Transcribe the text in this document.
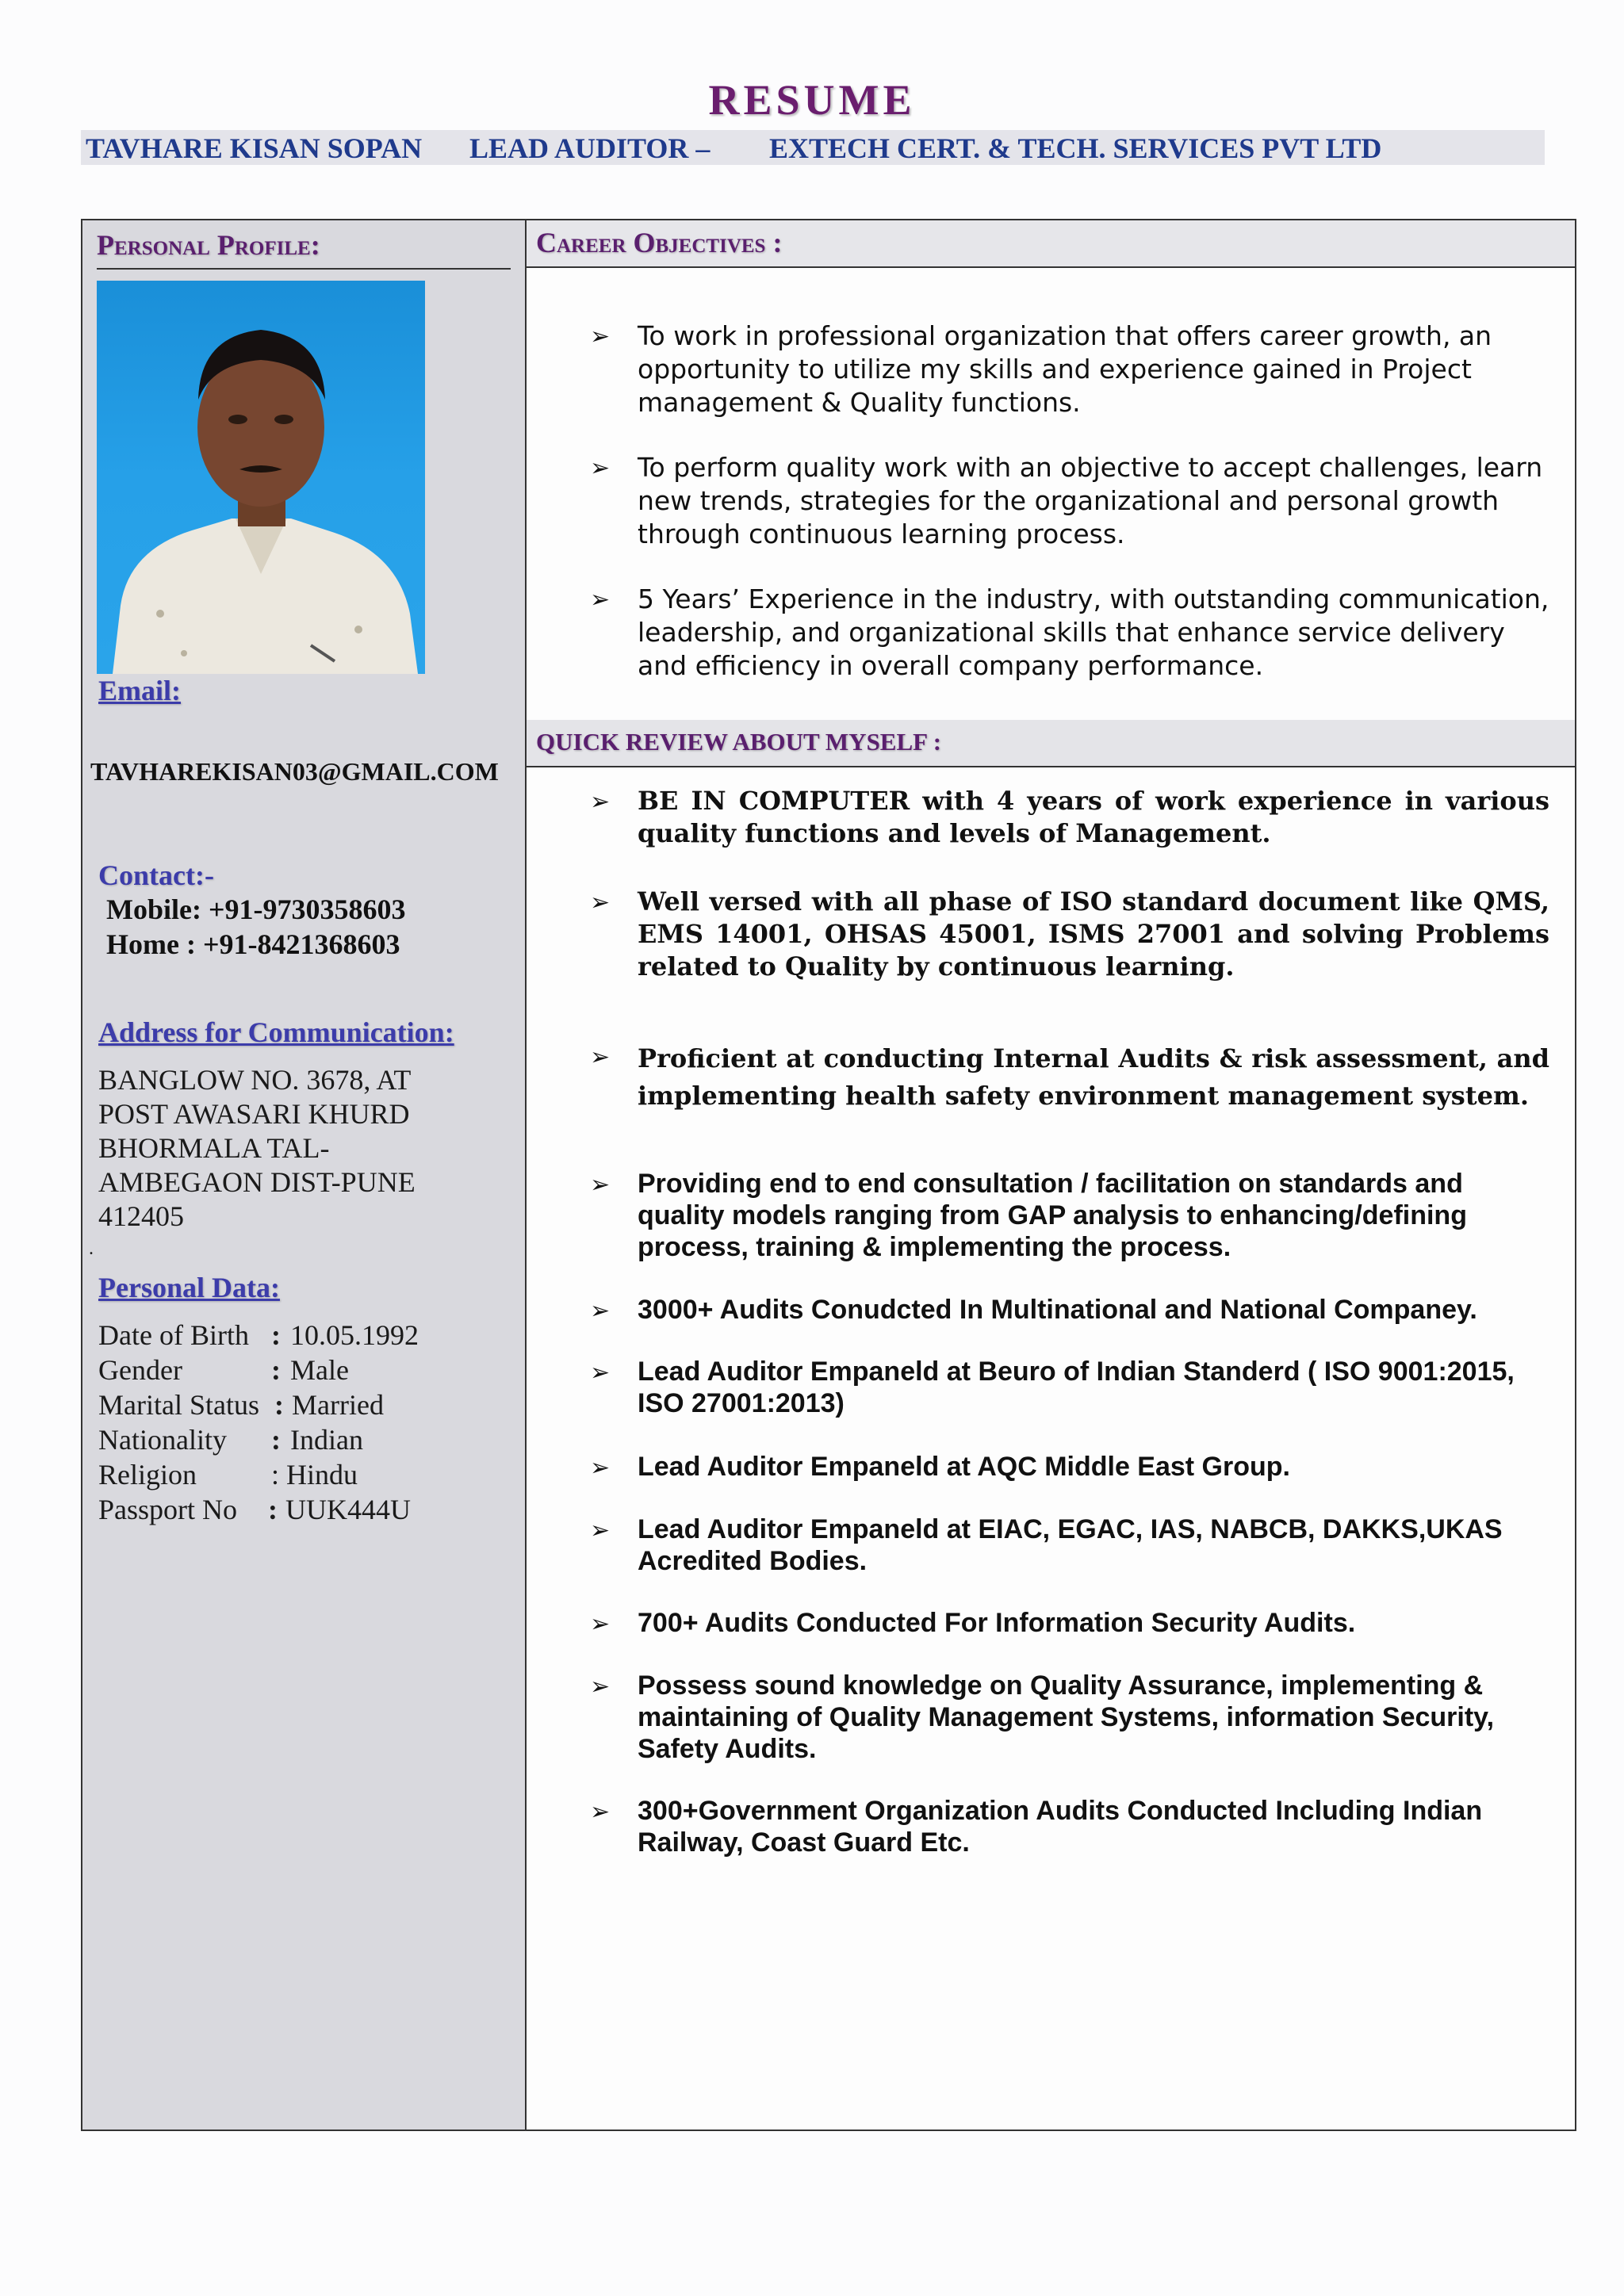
RESUME
TAVHARE KISAN SOPAN LEAD AUDITOR – EXTECH CERT. & TECH. SERVICES PVT LTD
Personal Profile:
Email:
TAVHAREKISAN03@GMAIL.COM
Contact:-
Mobile: +91-9730358603
Home : +91-8421368603
Address for Communication:
BANGLOW NO. 3678, AT
POST AWASARI KHURD
BHORMALA TAL-
AMBEGAON DIST-PUNE
412405
.
Personal Data:
Date of Birth : 10.05.1992
Gender	: Male
Marital Status : Married
Nationality : Indian
Religion	: Hindu
Passport No : UUK444U
Career Objectives :
➢	To work in professional organization that offers career growth, an opportunity to utilize my skills and experience gained in Project management & Quality functions.
➢	To perform quality work with an objective to accept challenges, learn new trends, strategies for the organizational and personal growth through continuous learning process.
➢	5 Years’ Experience in the industry, with outstanding communication, leadership, and organizational skills that enhance service delivery and efficiency in overall company performance.
QUICK REVIEW ABOUT MYSELF :
➢	BE IN COMPUTER with 4 years of work experience in various quality functions and levels of Management.
➢	Well versed with all phase of ISO standard document like QMS, EMS 14001, OHSAS 45001, ISMS 27001 and solving Problems related to Quality by continuous learning.
➢	Proficient at conducting Internal Audits & risk assessment, and implementing health safety environment management system.
➢	Providing end to end consultation / facilitation on standards and quality models ranging from GAP analysis to enhancing/defining process, training & implementing the process.
➢	3000+ Audits Conudcted In Multinational and National Companey.
➢	Lead Auditor Empaneld at Beuro of Indian Standerd ( ISO 9001:2015, ISO 27001:2013)
➢	Lead Auditor Empaneld at AQC Middle East Group.
➢	Lead Auditor Empaneld at EIAC, EGAC, IAS, NABCB, DAKKS,UKAS Acredited Bodies.
➢	700+ Audits Conducted For Information Security Audits.
➢	Possess sound knowledge on Quality Assurance, implementing & maintaining of Quality Management Systems, information Security, Safety Audits.
➢	300+Government Organization Audits Conducted Including Indian Railway, Coast Guard Etc.
